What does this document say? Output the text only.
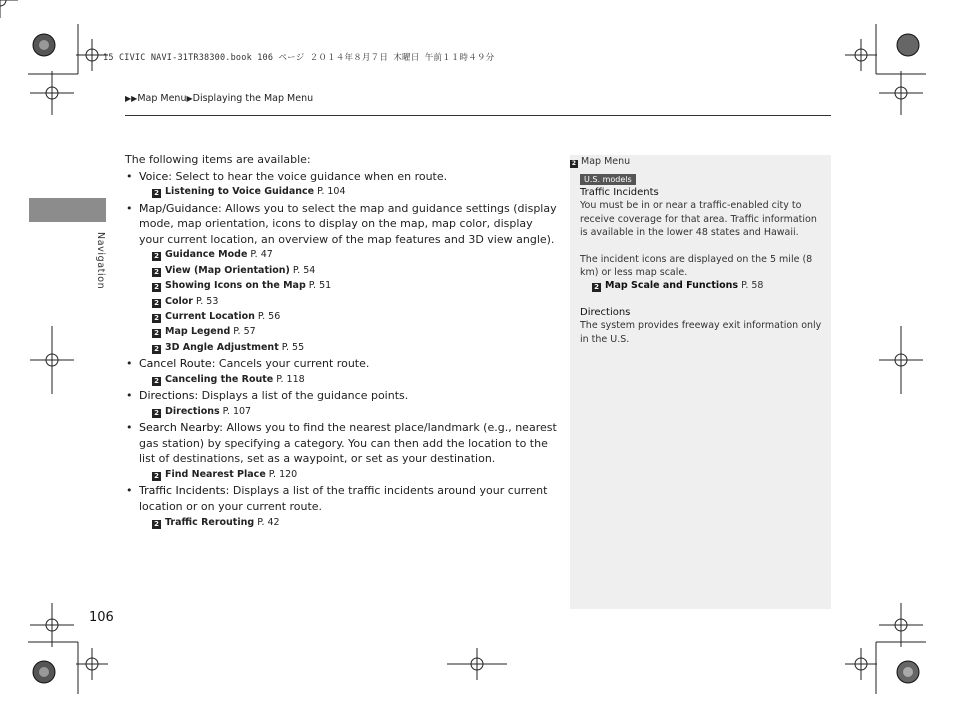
15 CIVIC NAVI-31TR38300.book 106 ページ ２０１４年８月７日 木曜日 午前１１時４９分
▶▶Map Menu▶Displaying the Map Menu
Navigation

The following items are available:

• Voice: Select to hear the voice guidance when en route.
2 Listening to Voice Guidance P. 104
• Map/Guidance: Allows you to select the map and guidance settings (display mode, map orientation, icons to display on the map, map color, display your current location, an overview of the map features and 3D view angle).
2 Guidance Mode P. 47
2 View (Map Orientation) P. 54
2 Showing Icons on the Map P. 51
2 Color P. 53
2 Current Location P. 56
2 Map Legend P. 57
2 3D Angle Adjustment P. 55
• Cancel Route: Cancels your current route.
2 Canceling the Route P. 118
• Directions: Displays a list of the guidance points.
2 Directions P. 107
• Search Nearby: Allows you to find the nearest place/landmark (e.g., nearest gas station) by specifying a category. You can then add the location to the list of destinations, set as a waypoint, or set as your destination.
2 Find Nearest Place P. 120
• Traffic Incidents: Displays a list of the traffic incidents around your current location or on your current route.
2 Traffic Rerouting P. 42
106
2 Map Menu
U.S. models
Traffic Incidents

You must be in or near a traffic-enabled city to receive coverage for that area. Traffic information is available in the lower 48 states and Hawaii.

The incident icons are displayed on the 5 mile (8 km) or less map scale.

2 Map Scale and Functions P. 58

Directions

The system provides freeway exit information only in the U.S.
